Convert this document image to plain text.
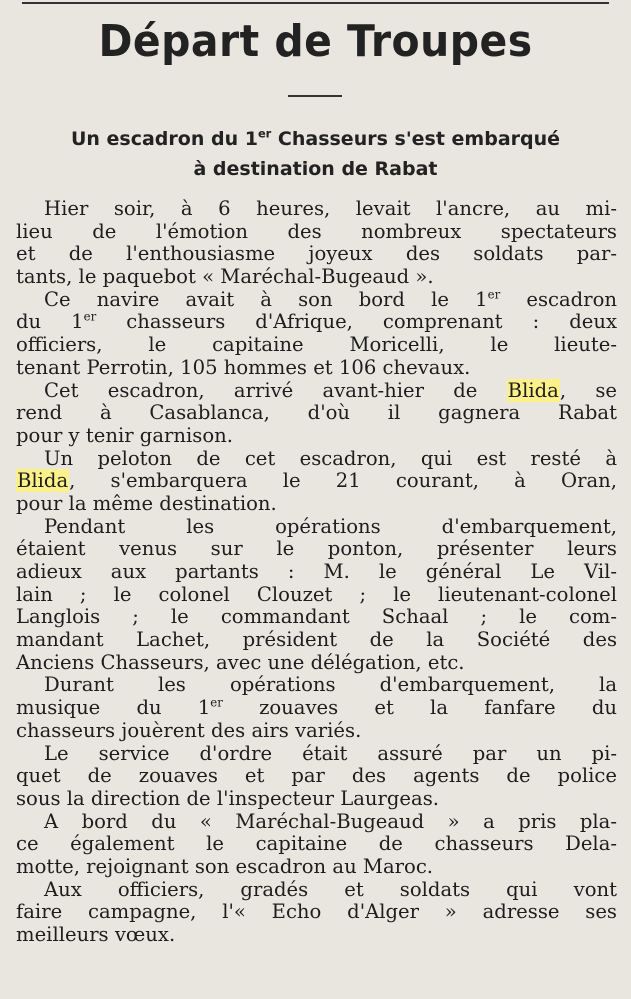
Départ de Troupes
Un escadron du 1er Chasseurs s'est embarqué
à destination de Rabat
Hier soir, à 6 heures, levait l'ancre, au mi-
lieu de l'émotion des nombreux spectateurs
et de l'enthousiasme joyeux des soldats par-
tants, le paquebot « Maréchal-Bugeaud ».
Ce navire avait à son bord le 1er escadron
du 1er chasseurs d'Afrique, comprenant : deux
officiers, le capitaine Moricelli, le lieute-
tenant Perrotin, 105 hommes et 106 chevaux.
Cet escadron, arrivé avant-hier de Blida, se
rend à Casablanca, d'où il gagnera Rabat
pour y tenir garnison.
Un peloton de cet escadron, qui est resté à
Blida, s'embarquera le 21 courant, à Oran,
pour la même destination.
Pendant les opérations d'embarquement,
étaient venus sur le ponton, présenter leurs
adieux aux partants : M. le général Le Vil-
lain ; le colonel Clouzet ; le lieutenant-colonel
Langlois ; le commandant Schaal ; le com-
mandant Lachet, président de la Société des
Anciens Chasseurs, avec une délégation, etc.
Durant les opérations d'embarquement, la
musique du 1er zouaves et la fanfare du
chasseurs jouèrent des airs variés.
Le service d'ordre était assuré par un pi-
quet de zouaves et par des agents de police
sous la direction de l'inspecteur Laurgeas.
A bord du « Maréchal-Bugeaud » a pris pla-
ce également le capitaine de chasseurs Dela-
motte, rejoignant son escadron au Maroc.
Aux officiers, gradés et soldats qui vont
faire campagne, l'« Echo d'Alger » adresse ses
meilleurs vœux.
